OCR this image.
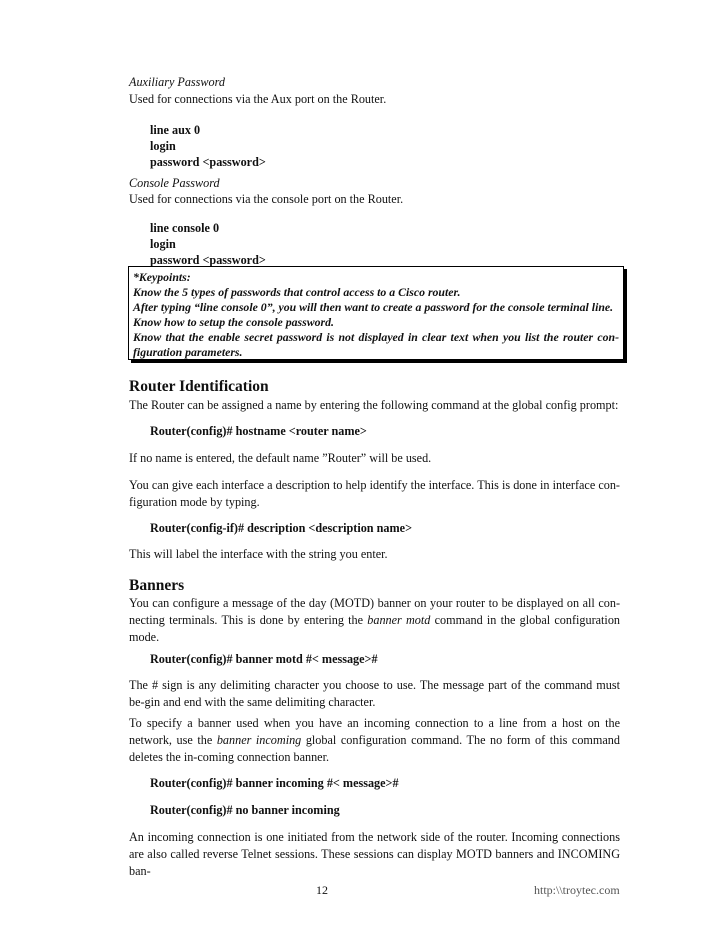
Auxiliary Password
Used for connections via the Aux port on the Router.
line aux 0
login
password <password>
Console Password
Used for connections via the console port on the Router.
line console 0
login
password <password>
*Keypoints:
Know the 5 types of passwords that control access to a Cisco router.
After typing “line console 0”, you will then want to create a password for the console terminal line.
Know how to setup the console password.
Know that the enable secret password is not displayed in clear text when you list the router con-
figuration parameters.
Router Identification
The Router can be assigned a name by entering the following command at the global config prompt:
Router(config)# hostname <router name>
If no name is entered, the default name ”Router” will be used.
You can give each interface a description to help identify the interface. This is done in interface con-figuration mode by typing.
Router(config-if)# description <description name>
This will label the interface with the string you enter.
Banners
You can configure a message of the day (MOTD) banner on your router to be displayed on all con-necting terminals. This is done by entering the banner motd command in the global configuration mode.
Router(config)# banner motd #< message>#
The # sign is any delimiting character you choose to use. The message part of the command must be-gin and end with the same delimiting character.
To specify a banner used when you have an incoming connection to a line from a host on the network, use the banner incoming global configuration command. The no form of this command deletes the in-coming connection banner.
Router(config)# banner incoming #< message>#
Router(config)# no banner incoming
An incoming connection is one initiated from the network side of the router. Incoming connections are also called reverse Telnet sessions. These sessions can display MOTD banners and INCOMING ban-
12	http:\\troytec.com
